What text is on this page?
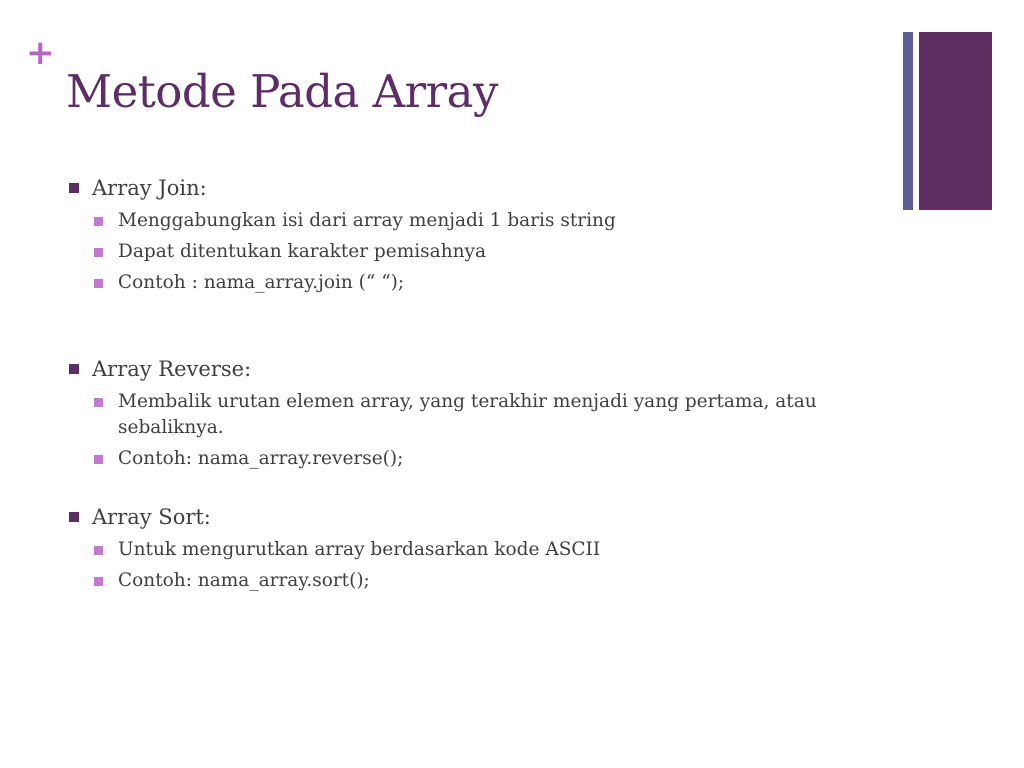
+
Metode Pada Array
Array Join:
Menggabungkan isi dari array menjadi 1 baris string
Dapat ditentukan karakter pemisahnya
Contoh : nama_array.join (“ “);
Array Reverse:
Membalik urutan elemen array, yang terakhir menjadi yang pertama, atau sebaliknya.
Contoh: nama_array.reverse();
Array Sort:
Untuk mengurutkan array berdasarkan kode ASCII
Contoh: nama_array.sort();
